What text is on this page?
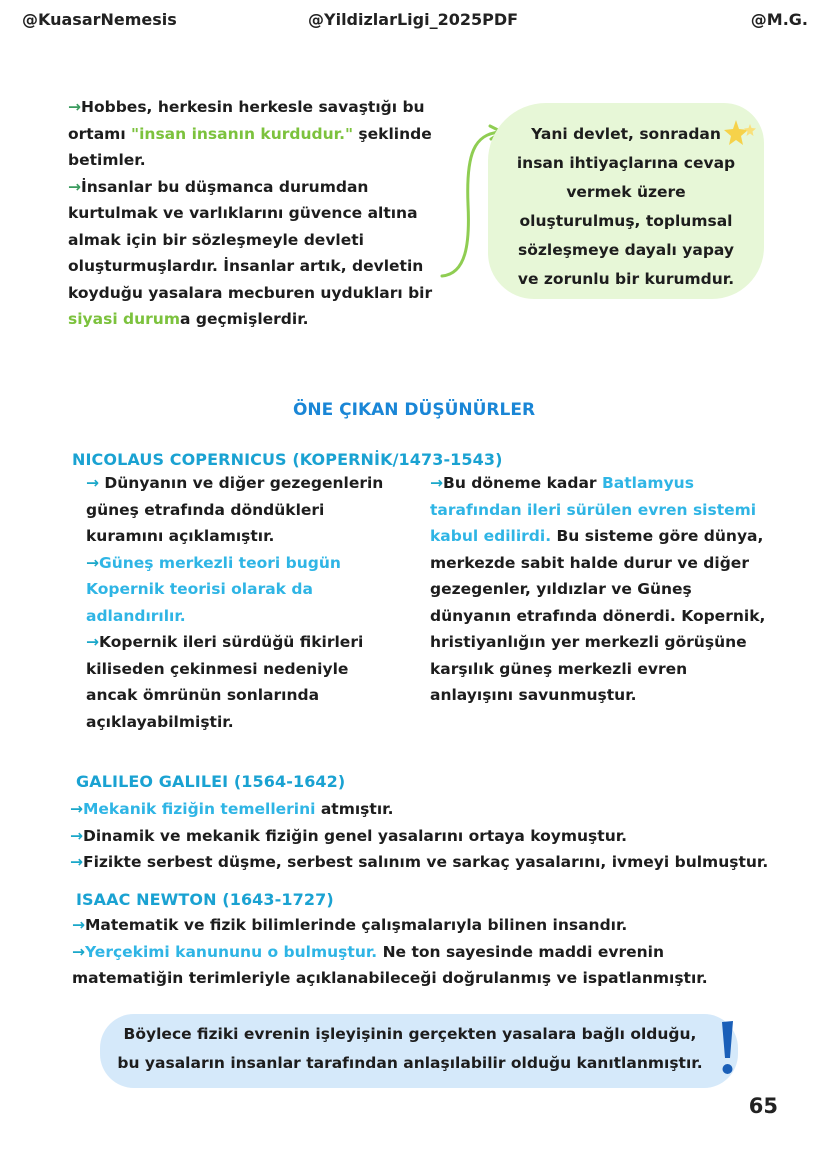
@KuasarNemesis	@YildizlarLigi_2025PDF	@M.G.
→Hobbes, herkesin herkesle savaştığı bu ortamı "insan insanın kurdudur." şeklinde betimler.
→İnsanlar bu düşmanca durumdan kurtulmak ve varlıklarını güvence altına almak için bir sözleşmeyle devleti oluşturmuşlardır. İnsanlar artık, devletin koyduğu yasalara mecburen uydukları bir siyasi duruma geçmişlerdir.
Yani devlet, sonradan insan ihtiyaçlarına cevap vermek üzere oluşturulmuş, toplumsal sözleşmeye dayalı yapay ve zorunlu bir kurumdur.
ÖNE ÇIKAN DÜŞÜNÜRLER
NICOLAUS COPERNICUS (KOPERNİK/1473-1543)
→ Dünyanın ve diğer gezegenlerin güneş etrafında döndükleri kuramını açıklamıştır.
→Güneş merkezli teori bugün Kopernik teorisi olarak da adlandırılır.
→Kopernik ileri sürdüğü fikirleri kiliseden çekinmesi nedeniyle ancak ömrünün sonlarında açıklayabilmiştir.
→Bu döneme kadar Batlamyus tarafından ileri sürülen evren sistemi kabul edilirdi. Bu sisteme göre dünya, merkezde sabit halde durur ve diğer gezegenler, yıldızlar ve Güneş dünyanın etrafında dönerdi. Kopernik, hristiyanlığın yer merkezli görüşüne karşılık güneş merkezli evren anlayışını savunmuştur.
GALILEO GALILEI (1564-1642)
→Mekanik fiziğin temellerini atmıştır.
→Dinamik ve mekanik fiziğin genel yasalarını ortaya koymuştur.
→Fizikte serbest düşme, serbest salınım ve sarkaç yasalarını, ivmeyi bulmuştur.
ISAAC NEWTON (1643-1727)
→Matematik ve fizik bilimlerinde çalışmalarıyla bilinen insandır.
→Yerçekimi kanununu o bulmuştur. Ne ton sayesinde maddi evrenin matematiğin terimleriyle açıklanabileceği doğrulanmış ve ispatlanmıştır.
Böylece fiziki evrenin işleyişinin gerçekten yasalara bağlı olduğu, bu yasaların insanlar tarafından anlaşılabilir olduğu kanıtlanmıştır.
65
